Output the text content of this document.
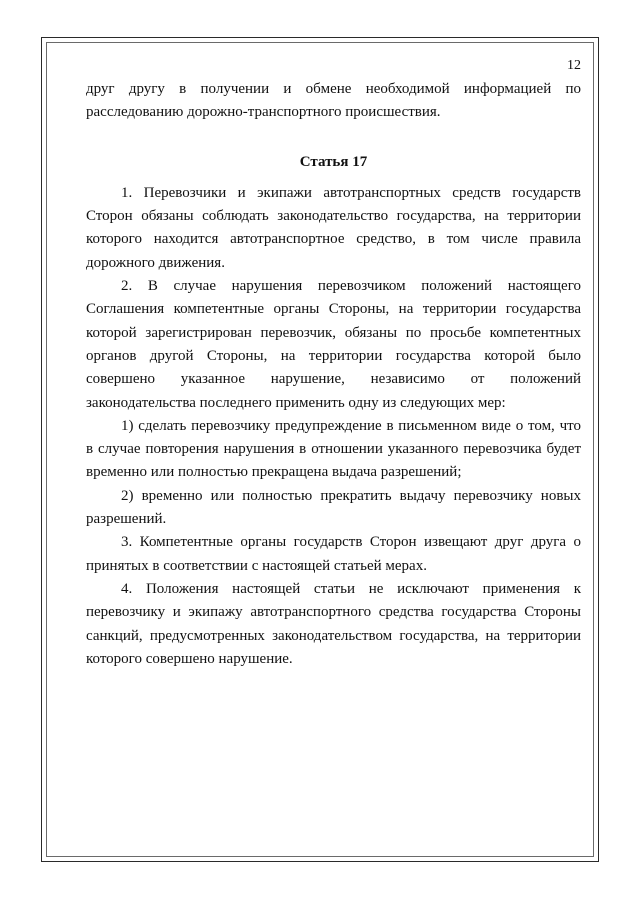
12

друг другу в получении и обмене необходимой информацией по расследованию дорожно-транспортного происшествия.

Статья 17

1. Перевозчики и экипажи автотранспортных средств государств Сторон обязаны соблюдать законодательство государства, на территории которого находится автотранспортное средство, в том числе правила дорожного движения.

2. В случае нарушения перевозчиком положений настоящего Соглашения компетентные органы Стороны, на территории государства которой зарегистрирован перевозчик, обязаны по просьбе компетентных органов другой Стороны, на территории государства которой было совершено указанное нарушение, независимо от положений законодательства последнего применить одну из следующих мер:

1) сделать перевозчику предупреждение в письменном виде о том, что в случае повторения нарушения в отношении указанного перевозчика будет временно или полностью прекращена выдача разрешений;

2) временно или полностью прекратить выдачу перевозчику новых разрешений.

3. Компетентные органы государств Сторон извещают друг друга о принятых в соответствии с настоящей статьей мерах.

4. Положения настоящей статьи не исключают применения к перевозчику и экипажу автотранспортного средства государства Стороны санкций, предусмотренных законодательством государства, на территории которого совершено нарушение.
